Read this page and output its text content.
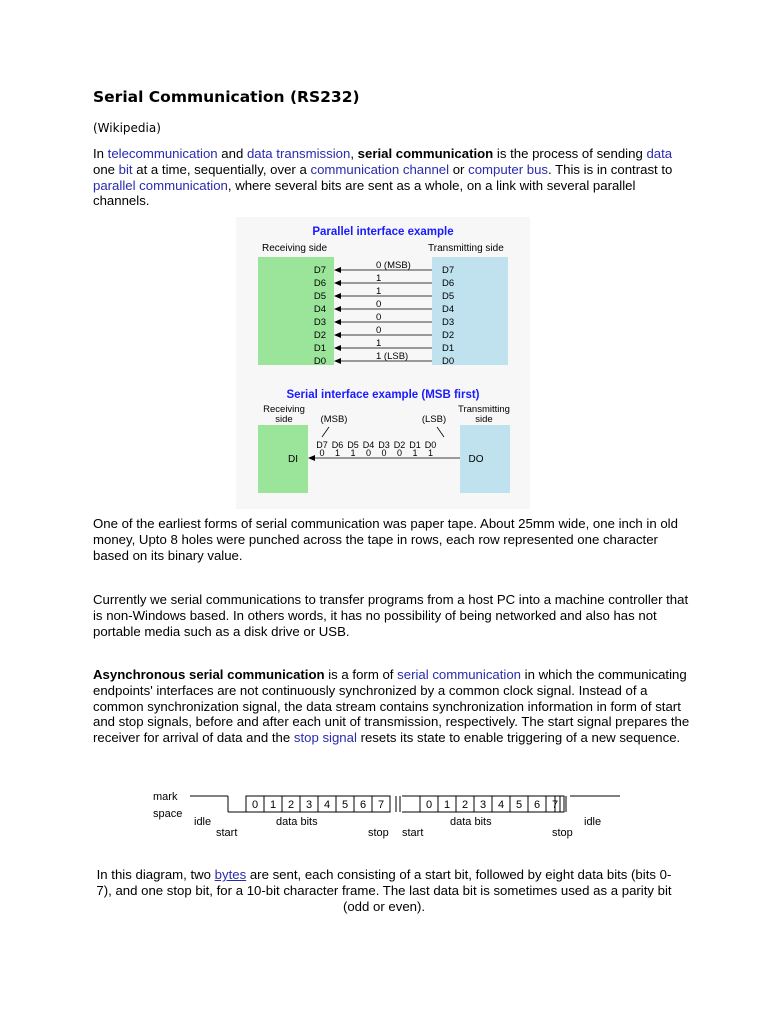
Serial Communication (RS232)
(Wikipedia)

In telecommunication and data transmission, serial communication is the process of sending data one bit at a time, sequentially, over a communication channel or computer bus. This is in contrast to parallel communication, where several bits are sent as a whole, on a link with several parallel channels.

Parallel interface example
Receiving side	Transmitting side
D7	D7
0 (MSB)
D6	D6
1
D5	D5
1
D4	D4
0
D3	D3
0
D2	D2
0
D1	D1
1
D0	D0
1 (LSB)
Serial interface example (MSB first)
Receiving
side
Transmitting
side
(MSB)	(LSB)
DI	DO
D7
0
D6
1
D5
1
D4
0
D3
0
D2
0
D1
1
D0
1

One of the earliest forms of serial communication was paper tape. About 25mm wide, one inch in old money, Upto 8 holes were punched across the tape in rows, each row represented one character based on its binary value.

Currently we serial communications to transfer programs from a host PC into a machine controller that is non-Windows based. In others words, it has no possibility of being networked and also has not portable media such as a disk drive or USB.

Asynchronous serial communication is a form of serial communication in which the communicating endpoints' interfaces are not continuously synchronized by a common clock signal. Instead of a common synchronization signal, the data stream contains synchronization information in form of start and stop signals, before and after each unit of transmission, respectively. The start signal prepares the receiver for arrival of data and the stop signal resets its state to enable triggering of a new sequence.

mark
space
idle
start
data bits
stop start
data bits
stop
idle
0 1 2 3 4 5 6 7	0 1 2 3 4 5 6 7

In this diagram, two bytes are sent, each consisting of a start bit, followed by eight data bits (bits 0-7), and one stop bit, for a 10-bit character frame. The last data bit is sometimes used as a parity bit (odd or even).
